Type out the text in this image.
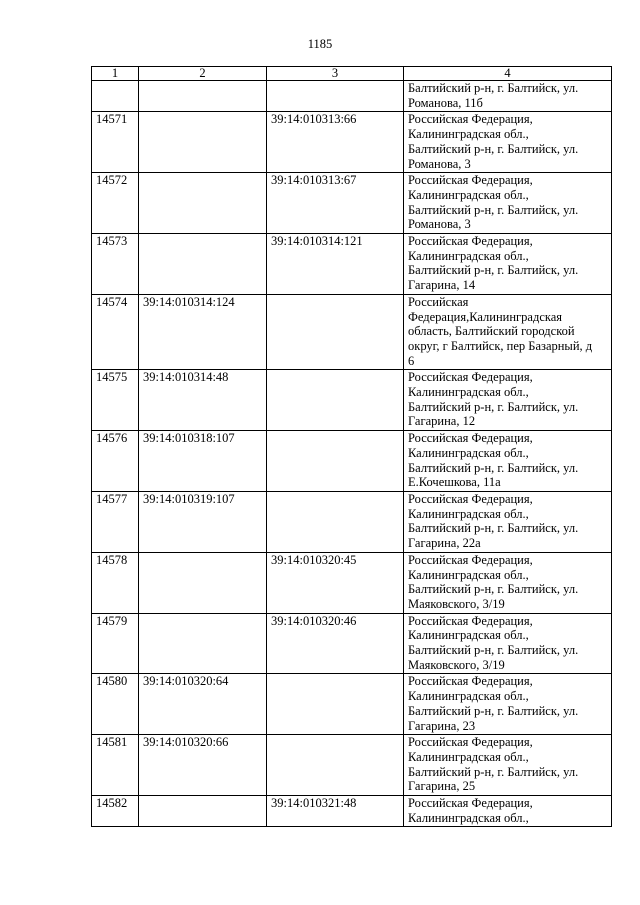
1185
1	2	3	4

			Балтийский р-н, г. Балтийск, ул.
Романова, 11б

14571		39:14:010313:66	Российская Федерация,
Калининградская обл.,
Балтийский р-н, г. Балтийск, ул.
Романова, 3

14572		39:14:010313:67	Российская Федерация,
Калининградская обл.,
Балтийский р-н, г. Балтийск, ул.
Романова, 3

14573		39:14:010314:121	Российская Федерация,
Калининградская обл.,
Балтийский р-н, г. Балтийск, ул.
Гагарина, 14

14574	39:14:010314:124		Российская
Федерация,Калининградская
область, Балтийский городской
округ, г Балтийск, пер Базарный, д
6

14575	39:14:010314:48		Российская Федерация,
Калининградская обл.,
Балтийский р-н, г. Балтийск, ул.
Гагарина, 12

14576	39:14:010318:107		Российская Федерация,
Калининградская обл.,
Балтийский р-н, г. Балтийск, ул.
Е.Кочешкова, 11а

14577	39:14:010319:107		Российская Федерация,
Калининградская обл.,
Балтийский р-н, г. Балтийск, ул.
Гагарина, 22а

14578		39:14:010320:45	Российская Федерация,
Калининградская обл.,
Балтийский р-н, г. Балтийск, ул.
Маяковского, 3/19

14579		39:14:010320:46	Российская Федерация,
Калининградская обл.,
Балтийский р-н, г. Балтийск, ул.
Маяковского, 3/19

14580	39:14:010320:64		Российская Федерация,
Калининградская обл.,
Балтийский р-н, г. Балтийск, ул.
Гагарина, 23

14581	39:14:010320:66		Российская Федерация,
Калининградская обл.,
Балтийский р-н, г. Балтийск, ул.
Гагарина, 25

14582		39:14:010321:48	Российская Федерация,
Калининградская обл.,
